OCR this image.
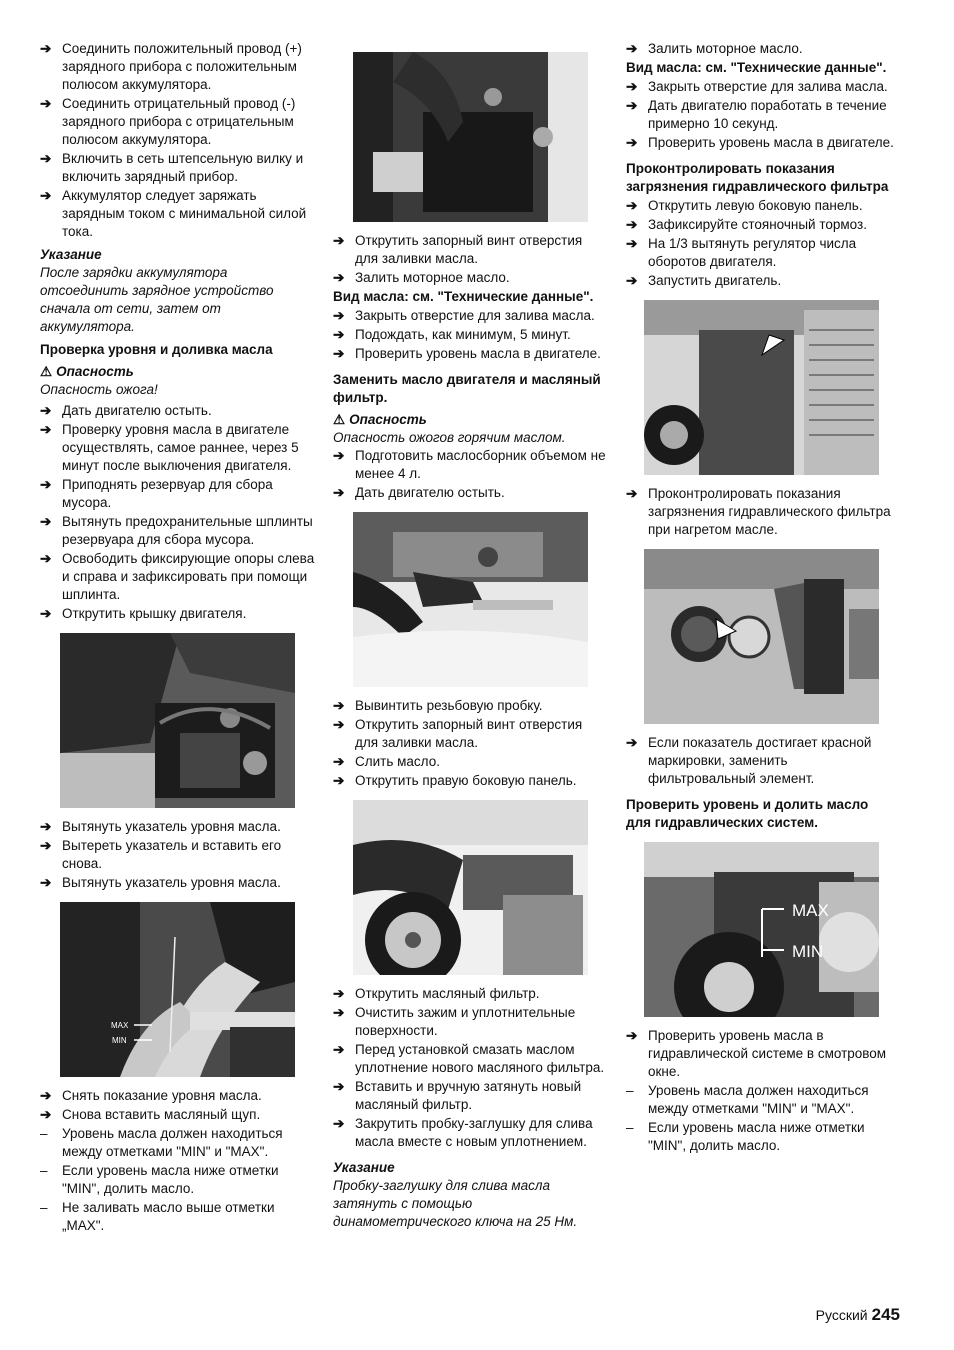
➔ Соединить положительный провод (+) зарядного прибора с положительным полюсом аккумулятора.
➔ Соединить отрицательный провод (-) зарядного прибора с отрицательным полюсом аккумулятора.
➔ Включить в сеть штепсельную вилку и включить зарядный прибор.
➔ Аккумулятор следует заряжать зарядным током с минимальной силой тока.
Указание
После зарядки аккумулятора отсоединить зарядное устройство сначала от сети, затем от аккумулятора.
Проверка уровня и доливка масла
⚠ Опасность
Опасность ожога!
➔ Дать двигателю остыть.
➔ Проверку уровня масла в двигателе осуществлять, самое раннее, через 5 минут после выключения двигателя.
➔ Приподнять резервуар для сбора мусора.
➔ Вытянуть предохранительные шплинты резервуара для сбора мусора.
➔ Освободить фиксирующие опоры слева и справа и зафиксировать при помощи шплинта.
➔ Открутить крышку двигателя.
➔ Вытянуть указатель уровня масла.
➔ Вытереть указатель и вставить его снова.
➔ Вытянуть указатель уровня масла.
MAX
MIN
➔ Снять показание уровня масла.
➔ Снова вставить масляный щуп.
–	Уровень масла должен находиться между отметками "MIN" и "MAX".
–	Если уровень масла ниже отметки "MIN", долить масло.
–	Не заливать масло выше отметки „MAX".
➔ Открутить запорный винт отверстия для заливки масла.
➔ Залить моторное масло.
Вид масла: см. "Технические данные".
➔ Закрыть отверстие для залива масла.
➔ Подождать, как минимум, 5 минут.
➔ Проверить уровень масла в двигателе.
Заменить масло двигателя и масляный фильтр.
⚠ Опасность
Опасность ожогов горячим маслом.
➔ Подготовить маслосборник объемом не менее 4 л.
➔ Дать двигателю остыть.
➔ Вывинтить резьбовую пробку.
➔ Открутить запорный винт отверстия для заливки масла.
➔ Слить масло.
➔ Открутить правую боковую панель.
➔ Открутить масляный фильтр.
➔ Очистить зажим и уплотнительные поверхности.
➔ Перед установкой смазать маслом уплотнение нового масляного фильтра.
➔ Вставить и вручную затянуть новый масляный фильтр.
➔ Закрутить пробку-заглушку для слива масла вместе с новым уплотнением.
Указание
Пробку-заглушку для слива масла затянуть с помощью динамометрического ключа на 25 Нм.
➔ Залить моторное масло.
Вид масла: см. "Технические данные".
➔ Закрыть отверстие для залива масла.
➔ Дать двигателю поработать в течение примерно 10 секунд.
➔ Проверить уровень масла в двигателе.
Проконтролировать показания загрязнения гидравлического фильтра
➔ Открутить левую боковую панель.
➔ Зафиксируйте стояночный тормоз.
➔ На 1/3 вытянуть регулятор числа оборотов двигателя.
➔ Запустить двигатель.
➔ Проконтролировать показания загрязнения гидравлического фильтра при нагретом масле.
➔ Если показатель достигает красной маркировки, заменить фильтровальный элемент.
Проверить уровень и долить масло для гидравлических систем.
MAX
MIN
➔ Проверить уровень масла в гидравлической системе в смотровом окне.
–	Уровень масла должен находиться между отметками "MIN" и "MAX".
–	Если уровень масла ниже отметки "MIN", долить масло.
Русский 245
